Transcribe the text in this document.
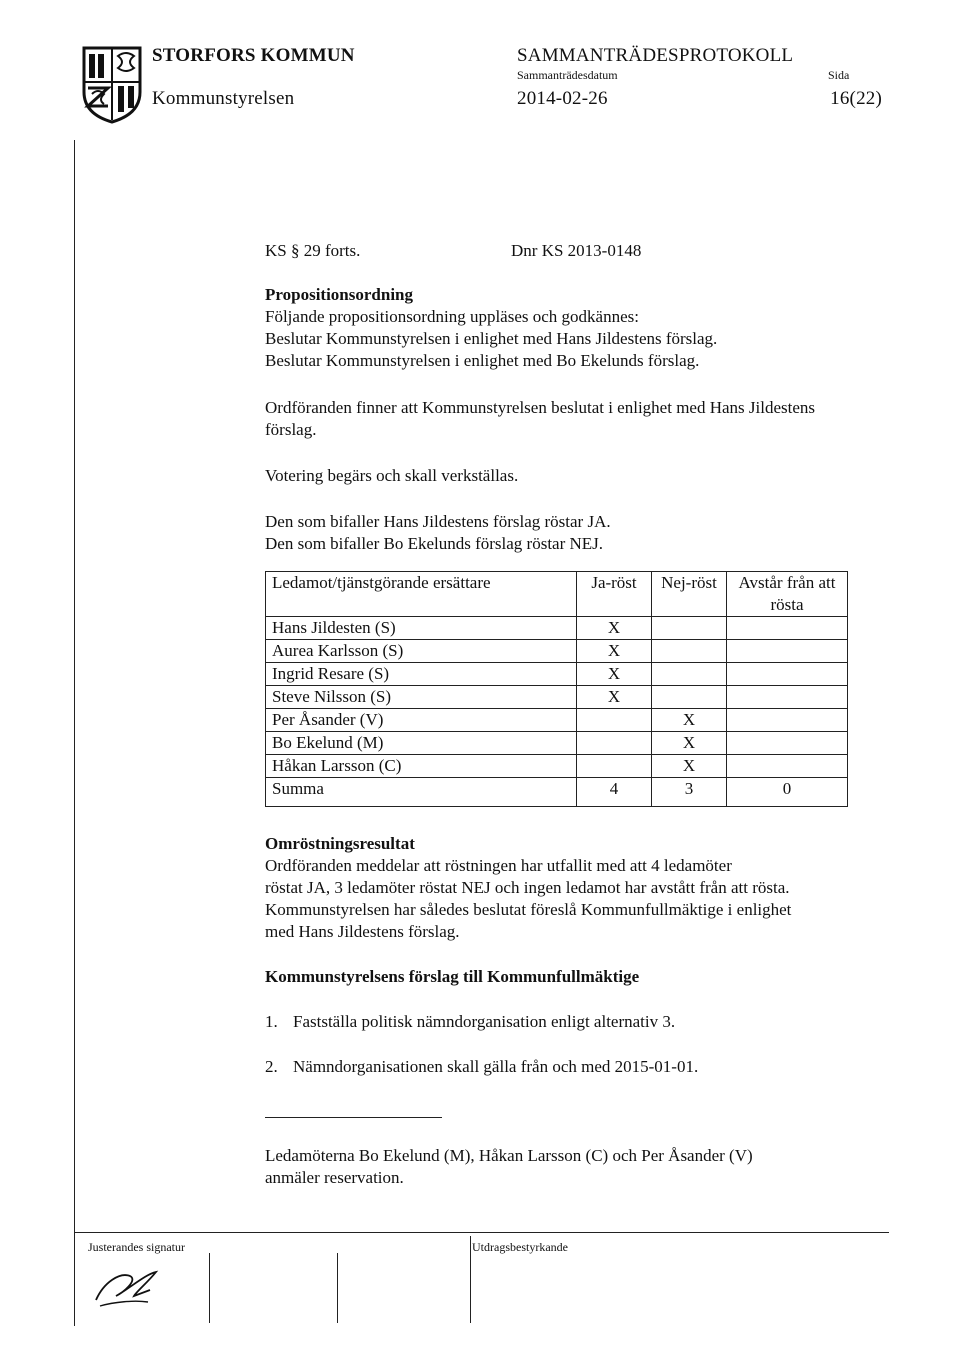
STORFORS KOMMUN
Kommunstyrelsen
SAMMANTRÄDESPROTOKOLL
Sammanträdesdatum
2014-02-26
Sida
16(22)
KS § 29 forts.	Dnr KS 2013-0148
Propositionsordning
Följande propositionsordning uppläses och godkännes:
Beslutar Kommunstyrelsen i enlighet med Hans Jildestens förslag.
Beslutar Kommunstyrelsen i enlighet med Bo Ekelunds förslag.
Ordföranden finner att Kommunstyrelsen beslutat i enlighet med Hans Jildestens
förslag.
Votering begärs och skall verkställas.
Den som bifaller Hans Jildestens förslag röstar JA.
Den som bifaller Bo Ekelunds förslag röstar NEJ.
Ledamot/tjänstgörande ersättare	Ja-röst	Nej-röst	Avstår från att rösta
Hans Jildesten (S)	X		
Aurea Karlsson (S)	X		
Ingrid Resare (S)	X		
Steve Nilsson (S)	X		
Per Åsander (V)		X	
Bo Ekelund (M)		X	
Håkan Larsson (C)		X	
Summa	4	3	0
Omröstningsresultat
Ordföranden meddelar att röstningen har utfallit med att 4 ledamöter
röstat JA, 3 ledamöter röstat NEJ och ingen ledamot har avstått från att rösta.
Kommunstyrelsen har således beslutat föreslå Kommunfullmäktige i enlighet
med Hans Jildestens förslag.
Kommunstyrelsens förslag till Kommunfullmäktige
1. Fastställa politisk nämndorganisation enligt alternativ 3.
2. Nämndorganisationen skall gälla från och med 2015-01-01.
Ledamöterna Bo Ekelund (M), Håkan Larsson (C) och Per Åsander (V)
anmäler reservation.
Justerandes signatur	Utdragsbestyrkande
